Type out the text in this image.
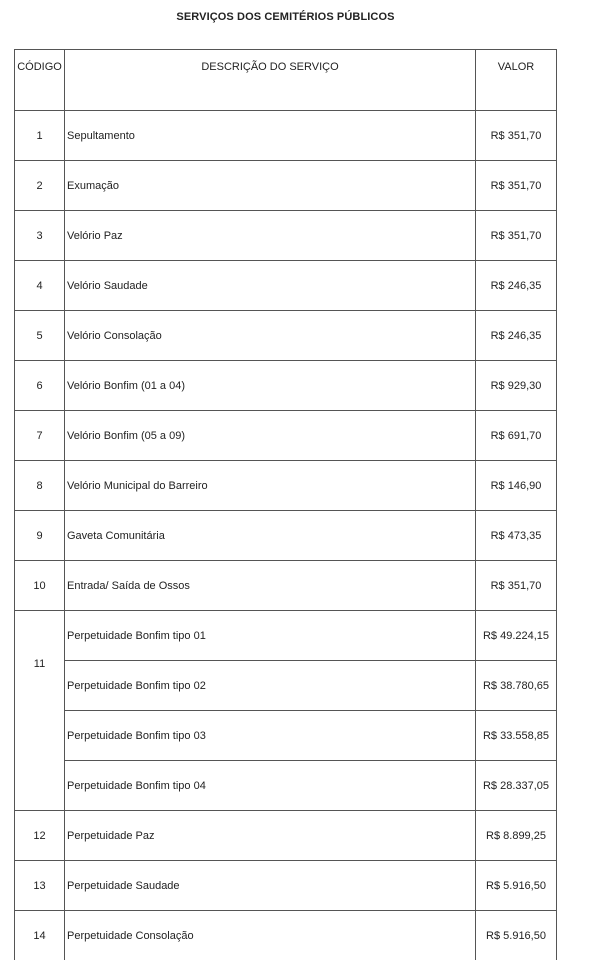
SERVIÇOS DOS CEMITÉRIOS PÚBLICOS
CÓDIGO	DESCRIÇÃO DO SERVIÇO	VALOR
1	Sepultamento	R$ 351,70
2	Exumação	R$ 351,70
3	Velório Paz	R$ 351,70
4	Velório Saudade	R$ 246,35
5	Velório Consolação	R$ 246,35
6	Velório Bonfim (01 a 04)	R$ 929,30
7	Velório Bonfim (05 a 09)	R$ 691,70
8	Velório Municipal do Barreiro	R$ 146,90
9	Gaveta Comunitária	R$ 473,35
10	Entrada/ Saída de Ossos	R$ 351,70
11	Perpetuidade Bonfim tipo 01	R$ 49.224,15
	Perpetuidade Bonfim tipo 02	R$ 38.780,65
	Perpetuidade Bonfim tipo 03	R$ 33.558,85
	Perpetuidade Bonfim tipo 04	R$ 28.337,05
12	Perpetuidade Paz	R$ 8.899,25
13	Perpetuidade Saudade	R$ 5.916,50
14	Perpetuidade Consolação	R$ 5.916,50
